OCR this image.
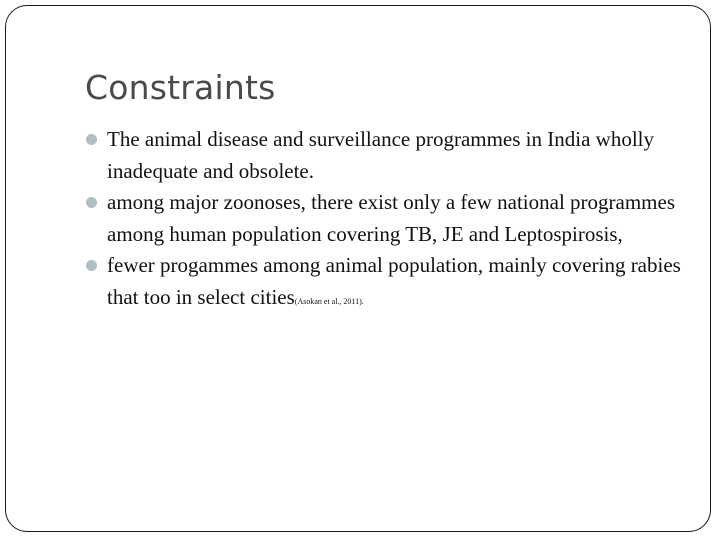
Constraints
The animal disease and surveillance programmes in India wholly inadequate and obsolete.
among major zoonoses, there exist only a few national programmes among human population covering TB, JE and Leptospirosis,
fewer progammes among animal population, mainly covering rabies that too in select cities(Asokan et al., 2011).
